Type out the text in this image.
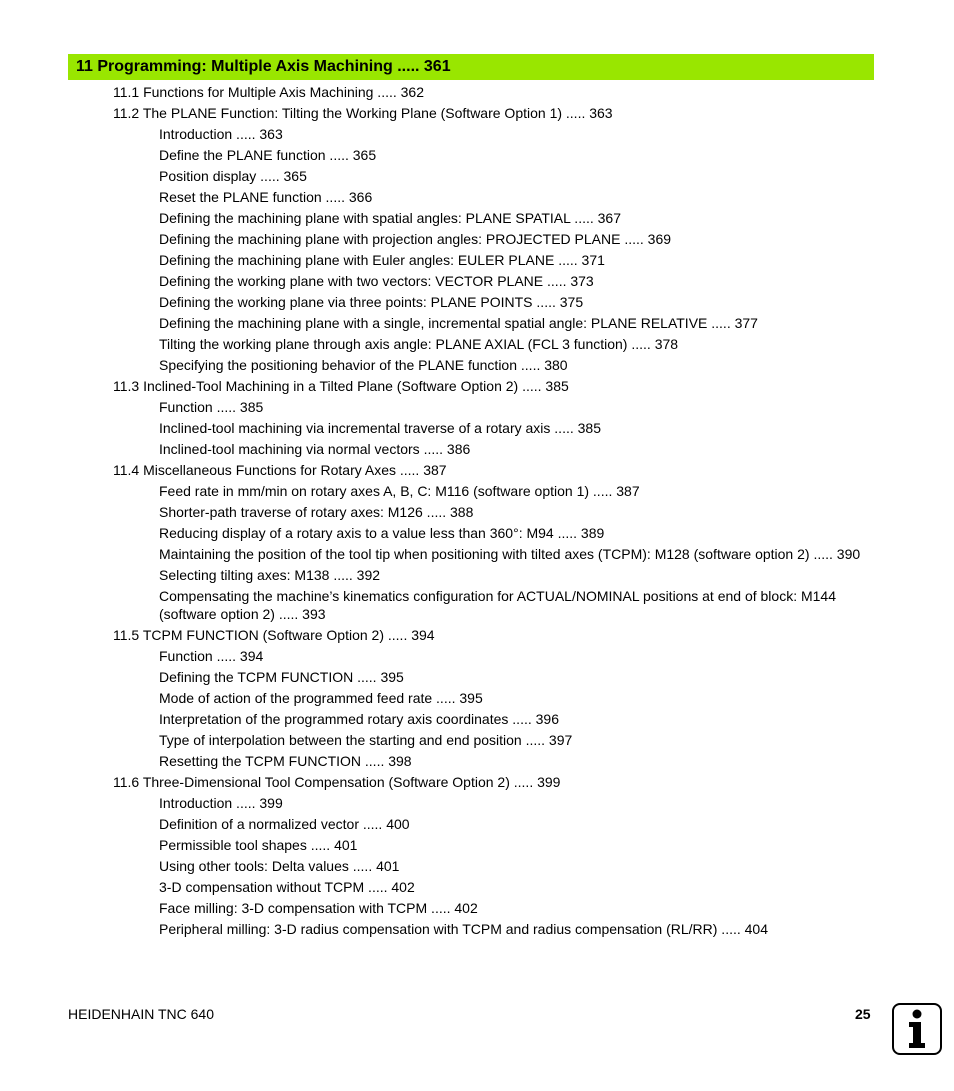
11 Programming: Multiple Axis Machining ..... 361
11.1 Functions for Multiple Axis Machining ..... 362
11.2 The PLANE Function: Tilting the Working Plane (Software Option 1) ..... 363
Introduction ..... 363
Define the PLANE function ..... 365
Position display ..... 365
Reset the PLANE function ..... 366
Defining the machining plane with spatial angles: PLANE SPATIAL ..... 367
Defining the machining plane with projection angles: PROJECTED PLANE ..... 369
Defining the machining plane with Euler angles: EULER PLANE ..... 371
Defining the working plane with two vectors: VECTOR PLANE ..... 373
Defining the working plane via three points: PLANE POINTS ..... 375
Defining the machining plane with a single, incremental spatial angle: PLANE RELATIVE ..... 377
Tilting the working plane through axis angle: PLANE AXIAL (FCL 3 function) ..... 378
Specifying the positioning behavior of the PLANE function ..... 380
11.3 Inclined-Tool Machining in a Tilted Plane (Software Option 2) ..... 385
Function ..... 385
Inclined-tool machining via incremental traverse of a rotary axis ..... 385
Inclined-tool machining via normal vectors ..... 386
11.4 Miscellaneous Functions for Rotary Axes ..... 387
Feed rate in mm/min on rotary axes A, B, C: M116 (software option 1) ..... 387
Shorter-path traverse of rotary axes: M126 ..... 388
Reducing display of a rotary axis to a value less than 360°: M94 ..... 389
Maintaining the position of the tool tip when positioning with tilted axes (TCPM): M128 (software option 2) ..... 390
Selecting tilting axes: M138 ..... 392
Compensating the machine’s kinematics configuration for ACTUAL/NOMINAL positions at end of block: M144 (software option 2) ..... 393
11.5 TCPM FUNCTION (Software Option 2) ..... 394
Function ..... 394
Defining the TCPM FUNCTION ..... 395
Mode of action of the programmed feed rate ..... 395
Interpretation of the programmed rotary axis coordinates ..... 396
Type of interpolation between the starting and end position ..... 397
Resetting the TCPM FUNCTION ..... 398
11.6 Three-Dimensional Tool Compensation (Software Option 2) ..... 399
Introduction ..... 399
Definition of a normalized vector ..... 400
Permissible tool shapes ..... 401
Using other tools: Delta values ..... 401
3-D compensation without TCPM ..... 402
Face milling: 3-D compensation with TCPM ..... 402
Peripheral milling: 3-D radius compensation with TCPM and radius compensation (RL/RR) ..... 404
HEIDENHAIN TNC 640	25
